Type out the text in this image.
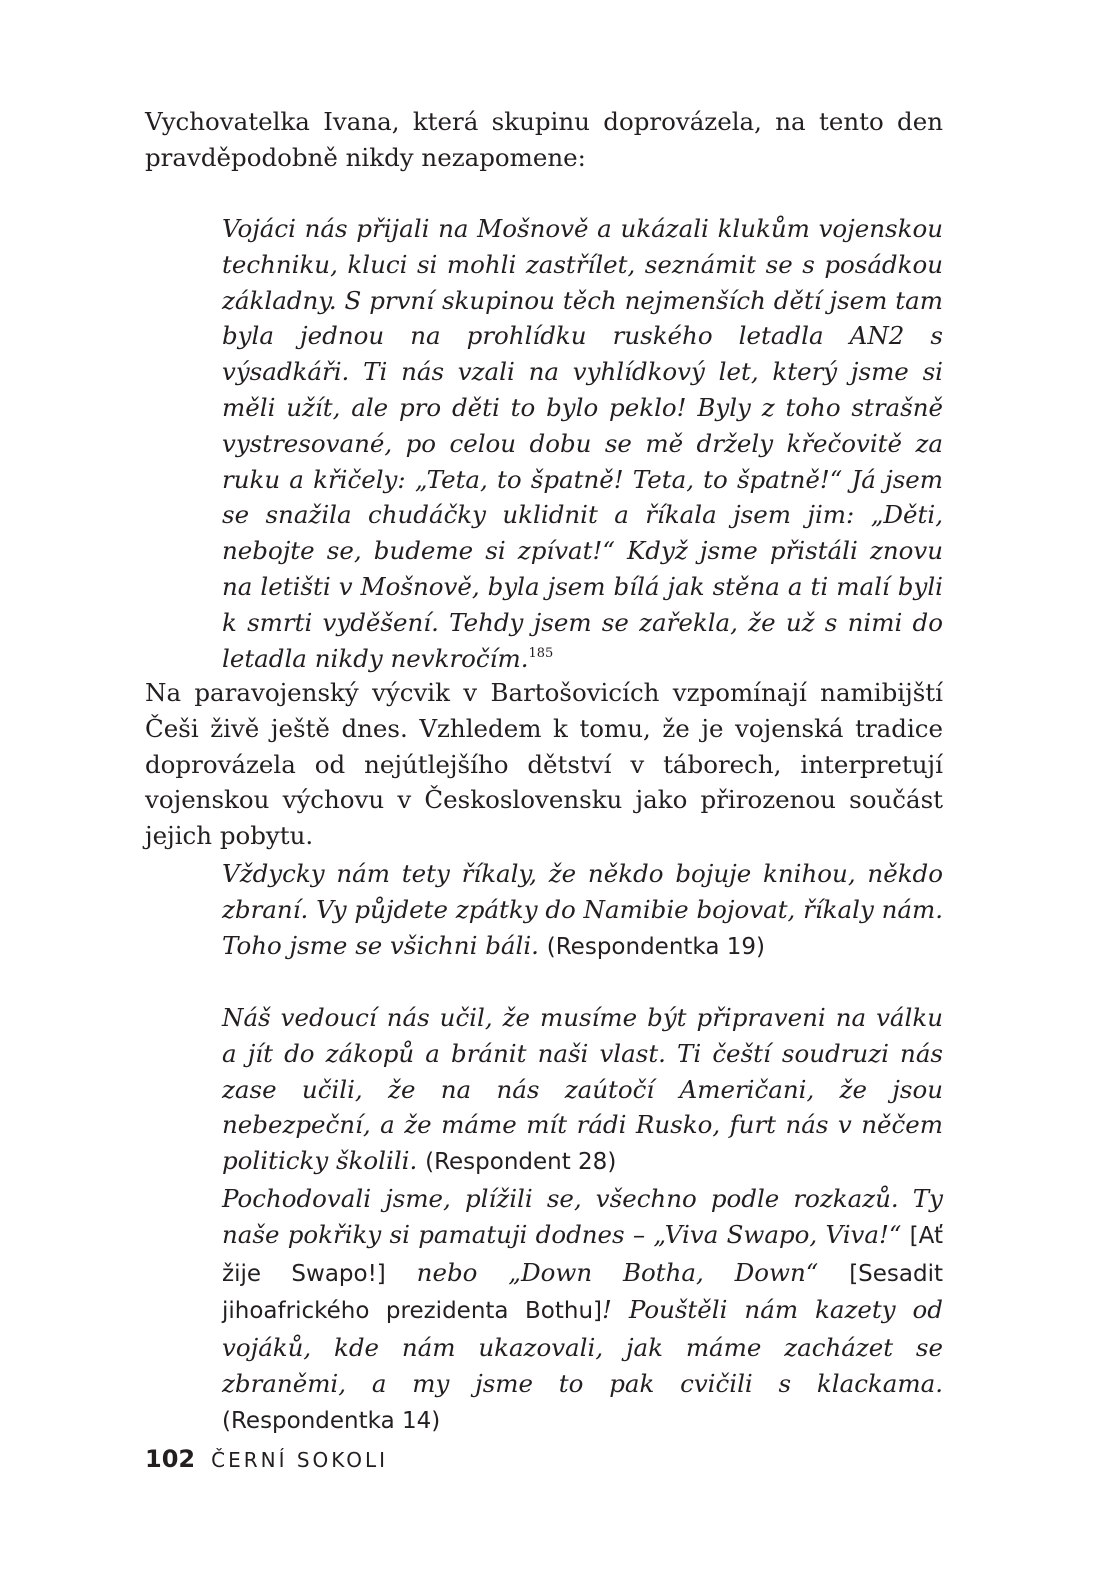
Vychovatelka Ivana, která skupinu doprovázela, na tento den pravděpodobně nikdy nezapomene:

Vojáci nás přijali na Mošnově a ukázali klukům vojenskou techniku, kluci si mohli zastřílet, seznámit se s posádkou základny. S první skupinou těch nejmenších dětí jsem tam byla jednou na prohlídku ruského letadla AN2 s výsadkáři. Ti nás vzali na vyhlídkový let, který jsme si měli užít, ale pro děti to bylo peklo! Byly z toho strašně vystresované, po celou dobu se mě držely křečovitě za ruku a křičely: „Teta, to špatně! Teta, to špatně!“ Já jsem se snažila chudáčky uklidnit a říkala jsem jim: „Děti, nebojte se, budeme si zpívat!“ Když jsme přistáli znovu na letišti v Mošnově, byla jsem bílá jak stěna a ti malí byli k smrti vyděšení. Tehdy jsem se zařekla, že už s nimi do letadla nikdy nevkročím.$^{185}$

Na paravojenský výcvik v Bartošovicích vzpomínají namibijští Češi živě ještě dnes. Vzhledem k tomu, že je vojenská tradice doprovázela od nejútlejšího dětství v táborech, interpretují vojenskou výchovu v Československu jako přirozenou součást jejich pobytu.

Vždycky nám tety říkaly, že někdo bojuje knihou, někdo zbraní. Vy půjdete zpátky do Namibie bojovat, říkaly nám. Toho jsme se všichni báli. (Respondentka 19)

Náš vedoucí nás učil, že musíme být připraveni na válku a jít do zákopů a bránit naši vlast. Ti čeští soudruzi nás zase učili, že na nás zaútočí Američani, že jsou nebezpeční, a že máme mít rádi Rusko, furt nás v něčem politicky školili. (Respondent 28)

Pochodovali jsme, plížili se, všechno podle rozkazů. Ty naše pokřiky si pamatuji dodnes – „Viva Swapo, Viva!“ [Ať žije Swapo!] nebo „Down Botha, Down“ [Sesadit jihoafrického prezidenta Bothu]! Pouštěli nám kazety od vojáků, kde nám ukazovali, jak máme zacházet se zbraněmi, a my jsme to pak cvičili s klackama. (Respondentka 14)

102 ČERNÍ SOKOLI
